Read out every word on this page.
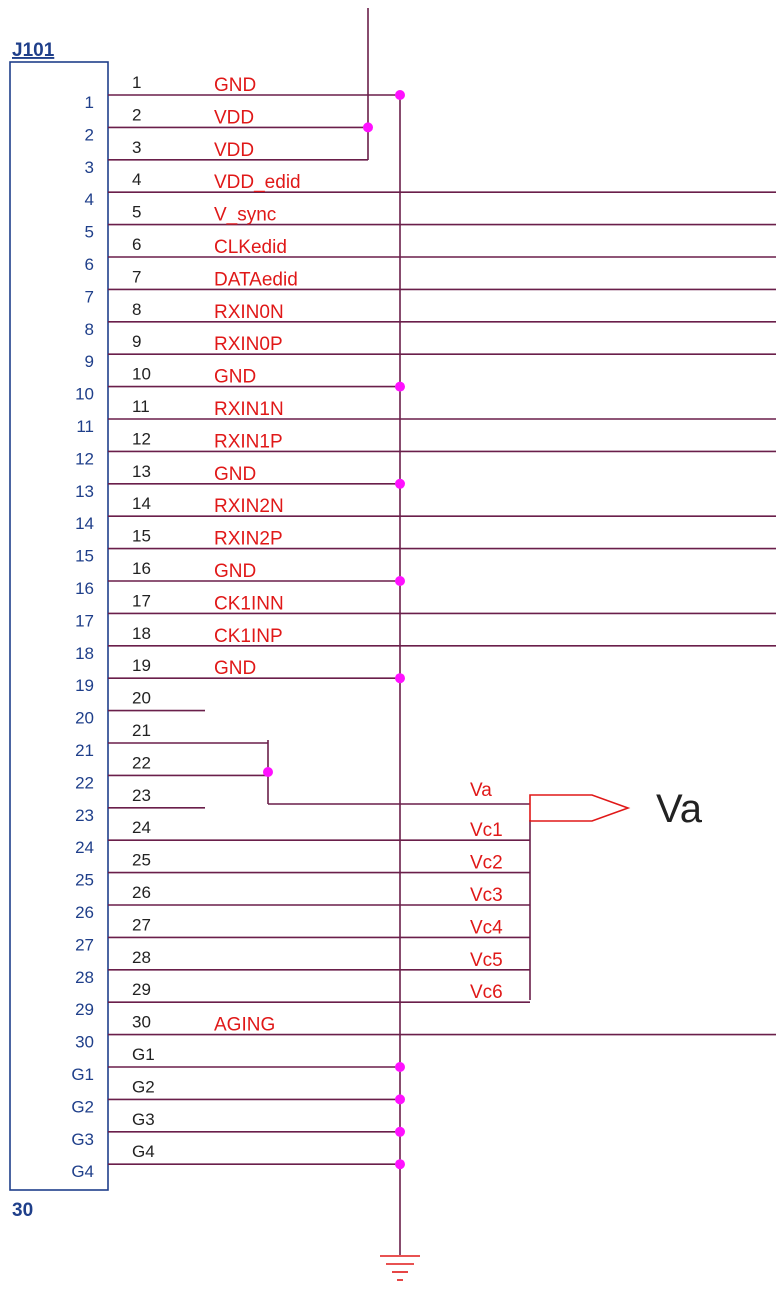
J101
30
1
2
3
4
5
6
7
8
9
10
11
12
13
14
15
16
17
18
19
20
21
22
23
24
25
26
27
28
29
30
G1
G2
G3
G4
1
2
3
4
5
6
7
8
9
10
11
12
13
14
15
16
17
18
19
20
21
22
23
24
25
26
27
28
29
30
G1
G2
G3
G4
GND
VDD
VDD
VDD_edid
V_sync
CLKedid
DATAedid
RXIN0N
RXIN0P
GND
RXIN1N
RXIN1P
GND
RXIN2N
RXIN2P
GND
CK1INN
CK1INP
GND
Vc1
Vc2
Vc3
Vc4
Vc5
Vc6
AGING
Va	Va
